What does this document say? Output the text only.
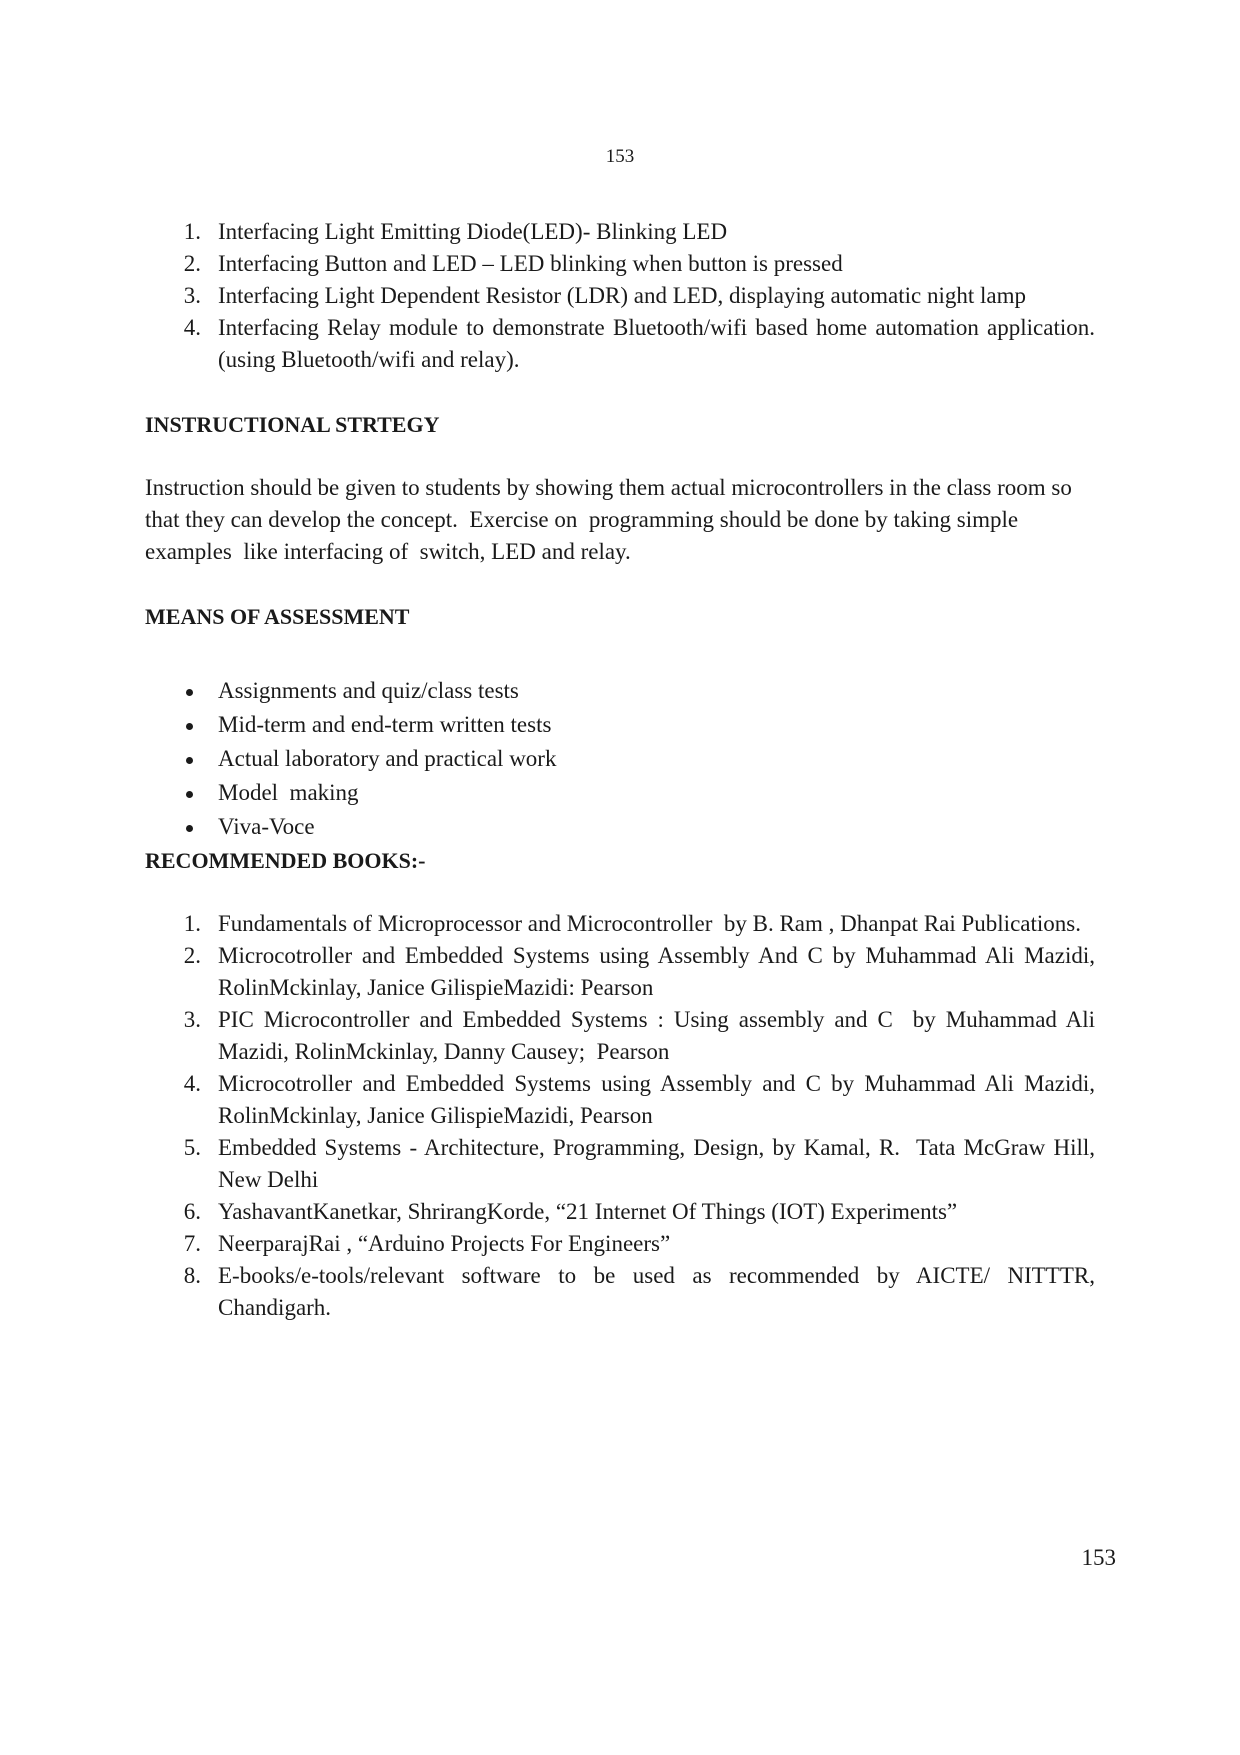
153
1. Interfacing Light Emitting Diode(LED)- Blinking LED
2. Interfacing Button and LED – LED blinking when button is pressed
3. Interfacing Light Dependent Resistor (LDR) and LED, displaying automatic night lamp
4. Interfacing Relay module to demonstrate Bluetooth/wifi based home automation application. (using Bluetooth/wifi and relay).
INSTRUCTIONAL STRTEGY
Instruction should be given to students by showing them actual microcontrollers in the class room so that they can develop the concept.  Exercise on  programming should be done by taking simple  examples  like interfacing of  switch, LED and relay.
MEANS OF ASSESSMENT
Assignments and quiz/class tests
Mid-term and end-term written tests
Actual laboratory and practical work
Model  making
Viva-Voce
RECOMMENDED BOOKS:-
1. Fundamentals of Microprocessor and Microcontroller  by B. Ram , Dhanpat Rai Publications.
2. Microcotroller and Embedded Systems using Assembly And C by Muhammad Ali Mazidi, RolinMckinlay, Janice GilispieMazidi: Pearson
3. PIC Microcontroller and Embedded Systems : Using assembly and C  by Muhammad Ali Mazidi, RolinMckinlay, Danny Causey;  Pearson
4. Microcotroller and Embedded Systems using Assembly and C by Muhammad Ali Mazidi, RolinMckinlay, Janice GilispieMazidi, Pearson
5. Embedded Systems - Architecture, Programming, Design, by Kamal, R.  Tata McGraw Hill, New Delhi
6. YashavantKanetkar, ShrirangKorde, “21 Internet Of Things (IOT) Experiments”
7. NeerparajRai , “Arduino Projects For Engineers”
8. E-books/e-tools/relevant software to be used as recommended by AICTE/ NITTTR, Chandigarh.
153
